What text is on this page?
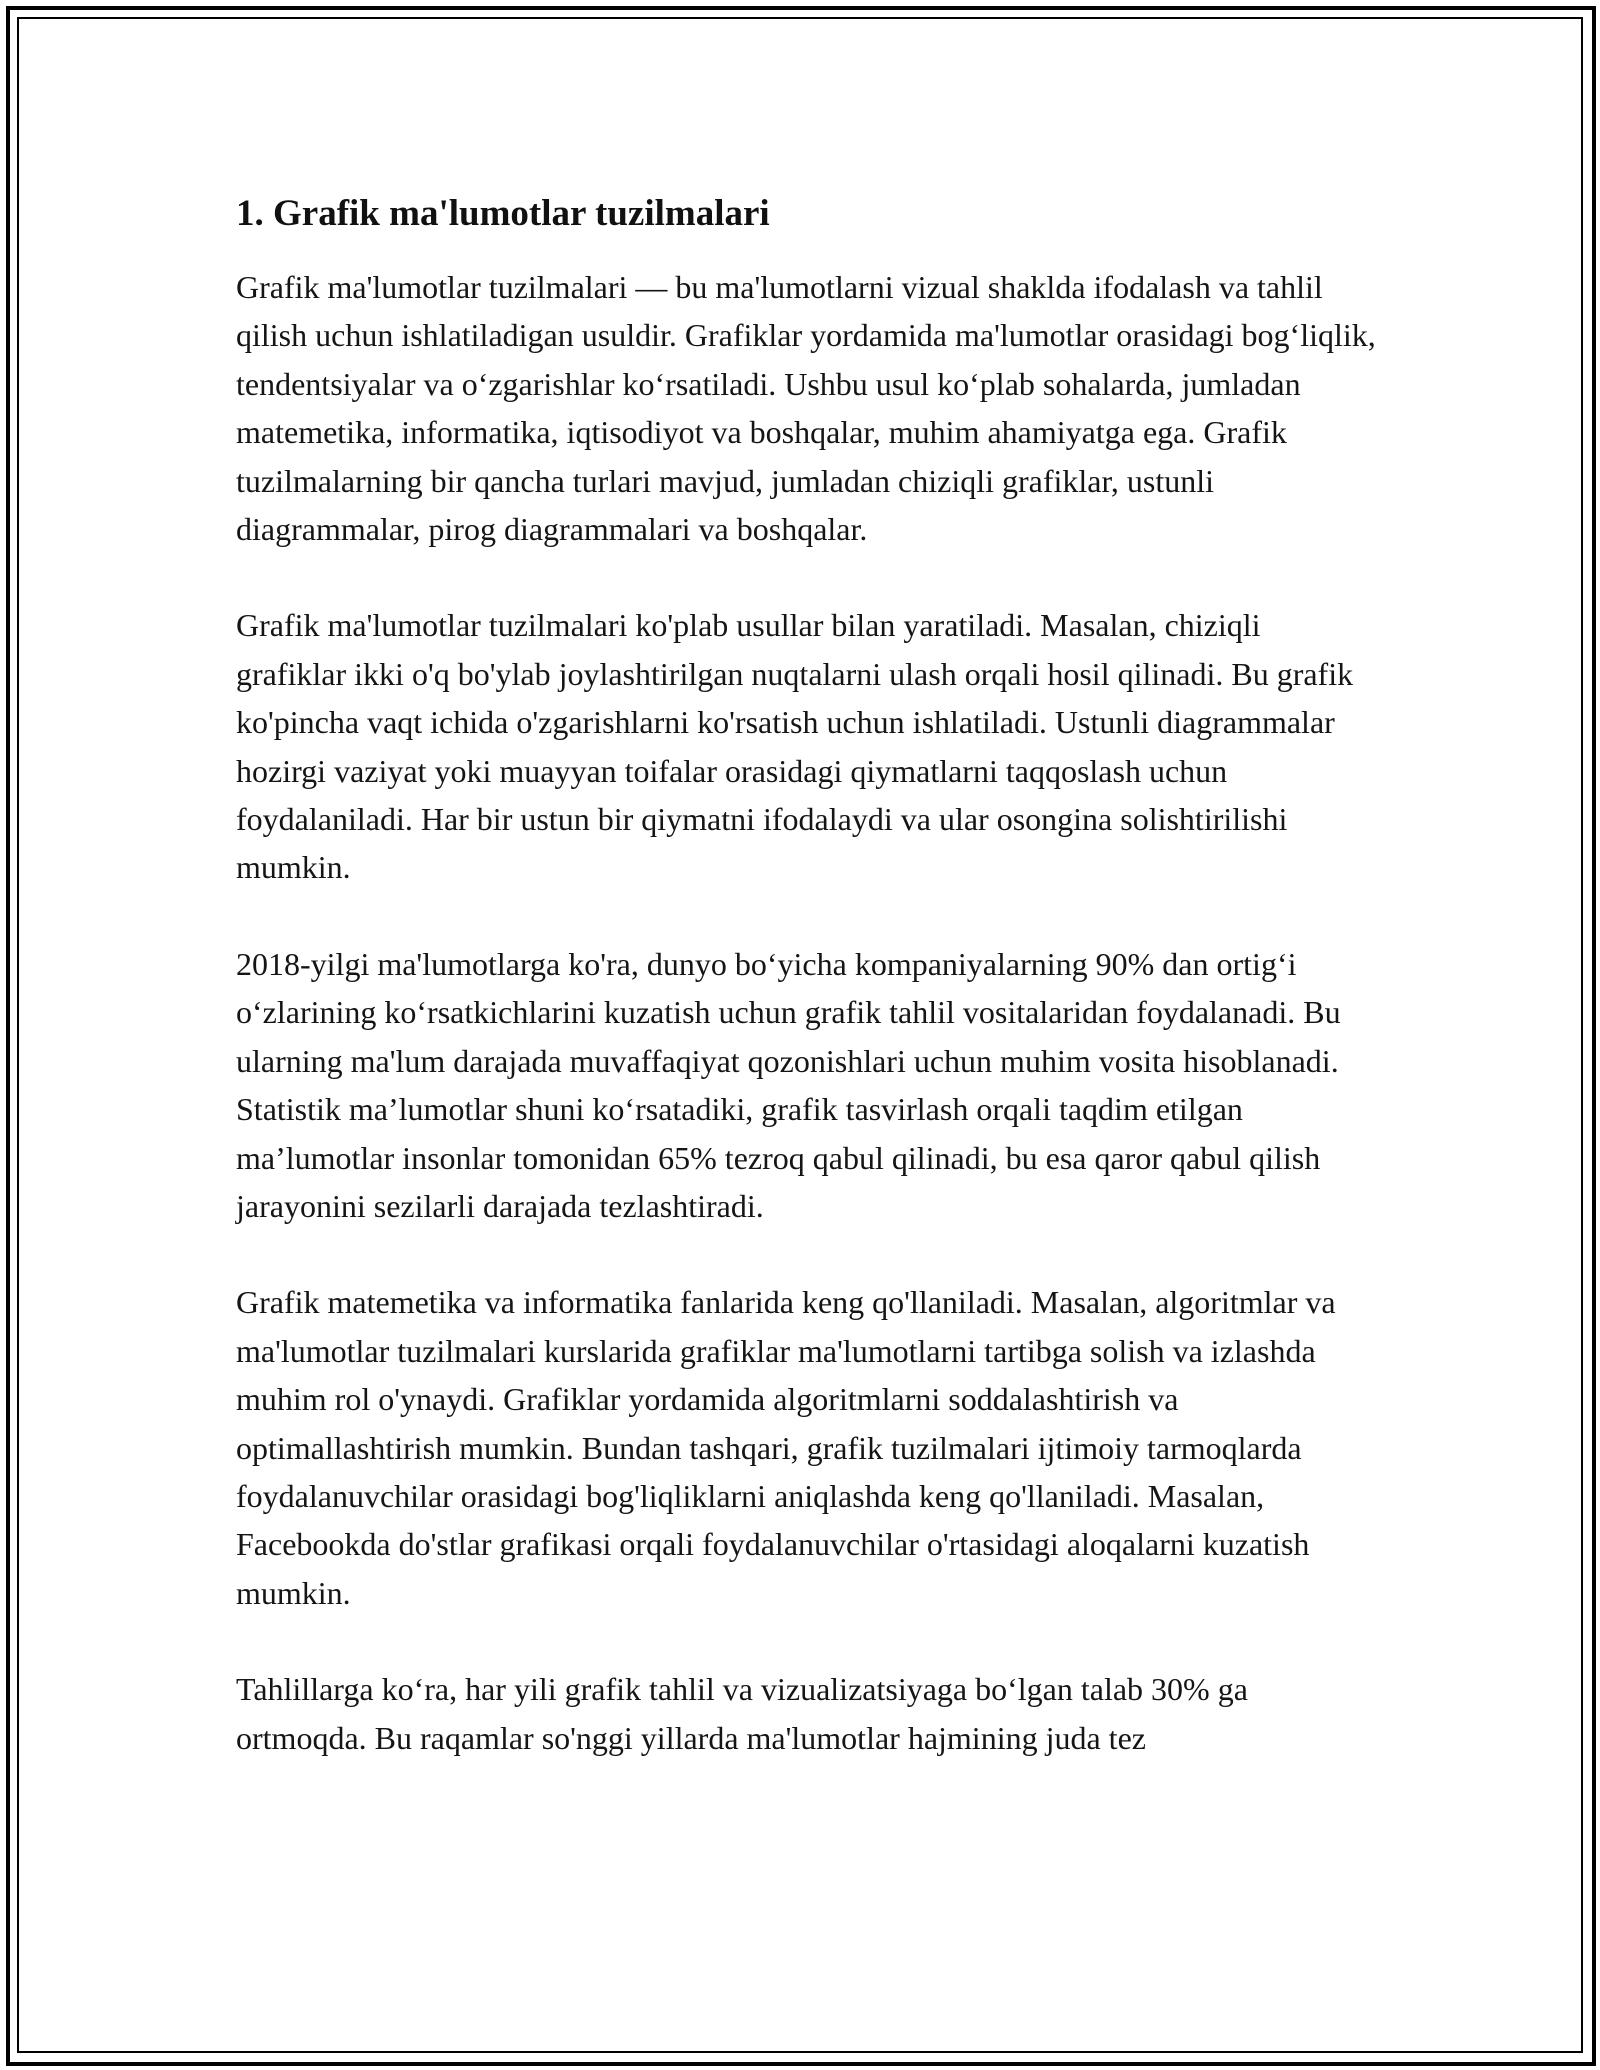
1. Grafik ma'lumotlar tuzilmalari

Grafik ma'lumotlar tuzilmalari — bu ma'lumotlarni vizual shaklda ifodalash va tahlil qilish uchun ishlatiladigan usuldir. Grafiklar yordamida ma'lumotlar orasidagi bog‘liqlik, tendentsiyalar va o‘zgarishlar ko‘rsatiladi. Ushbu usul ko‘plab sohalarda, jumladan matemetika, informatika, iqtisodiyot va boshqalar, muhim ahamiyatga ega. Grafik tuzilmalarning bir qancha turlari mavjud, jumladan chiziqli grafiklar, ustunli diagrammalar, pirog diagrammalari va boshqalar.

Grafik ma'lumotlar tuzilmalari ko'plab usullar bilan yaratiladi. Masalan, chiziqli grafiklar ikki o'q bo'ylab joylashtirilgan nuqtalarni ulash orqali hosil qilinadi. Bu grafik ko'pincha vaqt ichida o'zgarishlarni ko'rsatish uchun ishlatiladi. Ustunli diagrammalar hozirgi vaziyat yoki muayyan toifalar orasidagi qiymatlarni taqqoslash uchun foydalaniladi. Har bir ustun bir qiymatni ifodalaydi va ular osongina solishtirilishi mumkin.

2018-yilgi ma'lumotlarga ko'ra, dunyo bo‘yicha kompaniyalarning 90% dan ortig‘i o‘zlarining ko‘rsatkichlarini kuzatish uchun grafik tahlil vositalaridan foydalanadi. Bu ularning ma'lum darajada muvaffaqiyat qozonishlari uchun muhim vosita hisoblanadi. Statistik ma’lumotlar shuni ko‘rsatadiki, grafik tasvirlash orqali taqdim etilgan ma’lumotlar insonlar tomonidan 65% tezroq qabul qilinadi, bu esa qaror qabul qilish jarayonini sezilarli darajada tezlashtiradi.

Grafik matemetika va informatika fanlarida keng qo'llaniladi. Masalan, algoritmlar va ma'lumotlar tuzilmalari kurslarida grafiklar ma'lumotlarni tartibga solish va izlashda muhim rol o'ynaydi. Grafiklar yordamida algoritmlarni soddalashtirish va optimallashtirish mumkin. Bundan tashqari, grafik tuzilmalari ijtimoiy tarmoqlarda foydalanuvchilar orasidagi bog'liqliklarni aniqlashda keng qo'llaniladi. Masalan, Facebookda do'stlar grafikasi orqali foydalanuvchilar o'rtasidagi aloqalarni kuzatish mumkin.

Tahlillarga ko‘ra, har yili grafik tahlil va vizualizatsiyaga bo‘lgan talab 30% ga ortmoqda. Bu raqamlar so'nggi yillarda ma'lumotlar hajmining juda tez
